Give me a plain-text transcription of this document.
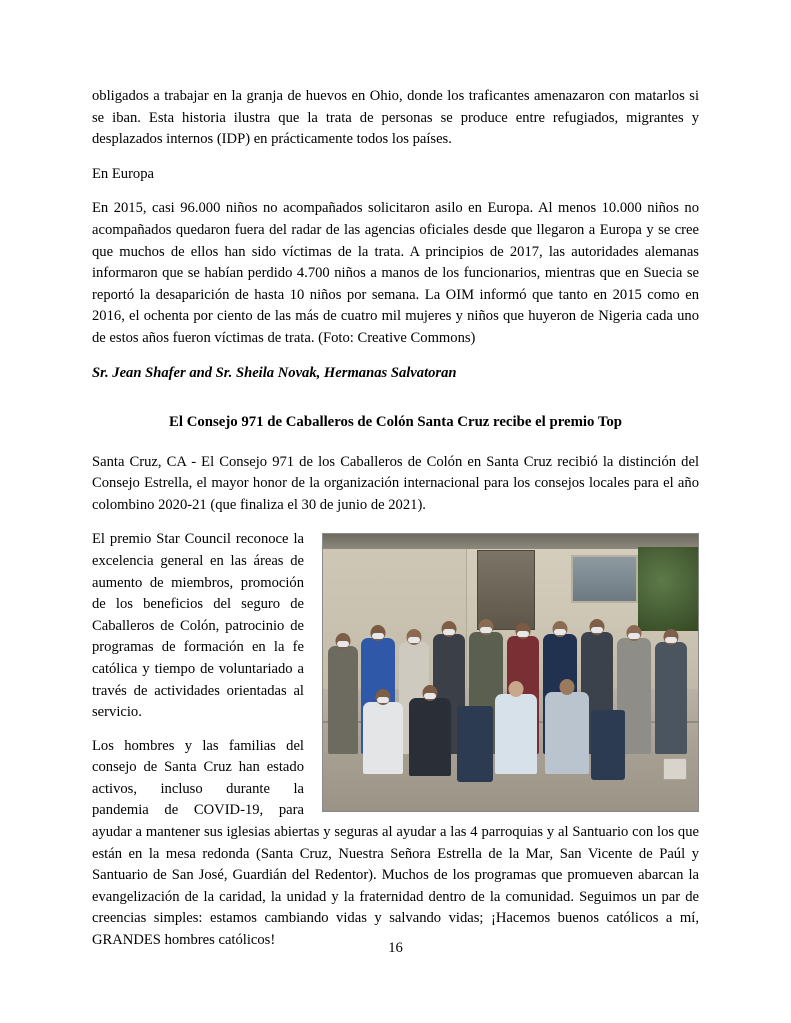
obligados a trabajar en la granja de huevos en Ohio, donde los traficantes amenazaron con matarlos si se iban. Esta historia ilustra que la trata de personas se produce entre refugiados, migrantes y desplazados internos (IDP) en prácticamente todos los países.

En Europa

En 2015, casi 96.000 niños no acompañados solicitaron asilo en Europa. Al menos 10.000 niños no acompañados quedaron fuera del radar de las agencias oficiales desde que llegaron a Europa y se cree que muchos de ellos han sido víctimas de la trata. A principios de 2017, las autoridades alemanas informaron que se habían perdido 4.700 niños a manos de los funcionarios, mientras que en Suecia se reportó la desaparición de hasta 10 niños por semana. La OIM informó que tanto en 2015 como en 2016, el ochenta por ciento de las más de cuatro mil mujeres y niños que huyeron de Nigeria cada uno de estos años fueron víctimas de trata. (Foto: Creative Commons)

Sr. Jean Shafer and Sr. Sheila Novak, Hermanas Salvatoran

El Consejo 971 de Caballeros de Colón Santa Cruz recibe el premio Top

Santa Cruz, CA - El Consejo 971 de los Caballeros de Colón en Santa Cruz recibió la distinción del Consejo Estrella, el mayor honor de la organización internacional para los consejos locales para el año colombino 2020-21 (que finaliza el 30 de junio de 2021).

El premio Star Council reconoce la excelencia general en las áreas de aumento de miembros, promoción de los beneficios del seguro de Caballeros de Colón, patrocinio de programas de formación en la fe católica y tiempo de voluntariado a través de actividades orientadas al servicio.

Los hombres y las familias del consejo de Santa Cruz han estado activos, incluso durante la pandemia de COVID-19, para ayudar a mantener sus iglesias abiertas y seguras al ayudar a las 4 parroquias y al Santuario con los que están en la mesa redonda (Santa Cruz, Nuestra Señora Estrella de la Mar, San Vicente de Paúl y Santuario de San José, Guardián del Redentor). Muchos de los programas que promueven abarcan la evangelización de la caridad, la unidad y la fraternidad dentro de la comunidad. Seguimos un par de creencias simples: estamos cambiando vidas y salvando vidas; ¡Hacemos buenos católicos a mí, GRANDES hombres católicos!	16
